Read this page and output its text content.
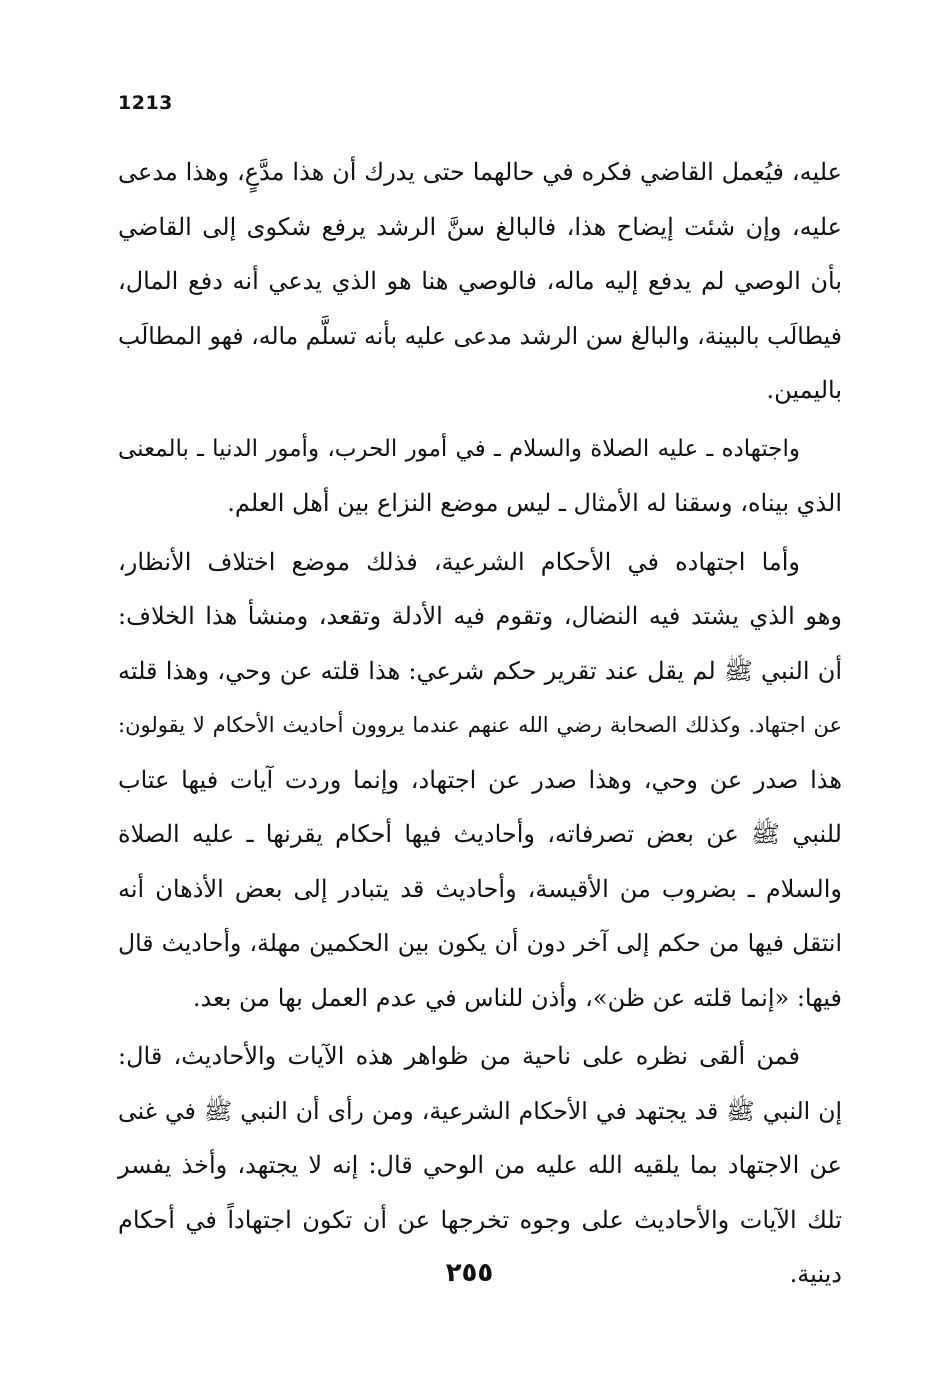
1213
عليه، فيُعمل القاضي فكره في حالهما حتى يدرك أن هذا مدَّعٍ، وهذا مدعى
عليه، وإن شئت إيضاح هذا، فالبالغ سنَّ الرشد يرفع شكوى إلى القاضي
بأن الوصي لم يدفع إليه ماله، فالوصي هنا هو الذي يدعي أنه دفع المال،
فيطالَب بالبينة، والبالغ سن الرشد مدعى عليه بأنه تسلَّم ماله، فهو المطالَب
باليمين.
واجتهاده ـ عليه الصلاة والسلام ـ في أمور الحرب، وأمور الدنيا ـ بالمعنى
الذي بيناه، وسقنا له الأمثال ـ ليس موضع النزاع بين أهل العلم.
وأما اجتهاده في الأحكام الشرعية، فذلك موضع اختلاف الأنظار،
وهو الذي يشتد فيه النضال، وتقوم فيه الأدلة وتقعد، ومنشأ هذا الخلاف:
أن النبي ﷺ لم يقل عند تقرير حكم شرعي: هذا قلته عن وحي، وهذا قلته
عن اجتهاد. وكذلك الصحابة رضي الله عنهم عندما يروون أحاديث الأحكام لا يقولون:
هذا صدر عن وحي، وهذا صدر عن اجتهاد، وإنما وردت آيات فيها عتاب
للنبي ﷺ عن بعض تصرفاته، وأحاديث فيها أحكام يقرنها ـ عليه الصلاة
والسلام ـ بضروب من الأقيسة، وأحاديث قد يتبادر إلى بعض الأذهان أنه
انتقل فيها من حكم إلى آخر دون أن يكون بين الحكمين مهلة، وأحاديث قال
فيها: «إنما قلته عن ظن»، وأذن للناس في عدم العمل بها من بعد.
فمن ألقى نظره على ناحية من ظواهر هذه الآيات والأحاديث، قال:
إن النبي ﷺ قد يجتهد في الأحكام الشرعية، ومن رأى أن النبي ﷺ في غنى
عن الاجتهاد بما يلقيه الله عليه من الوحي قال: إنه لا يجتهد، وأخذ يفسر
تلك الآيات والأحاديث على وجوه تخرجها عن أن تكون اجتهاداً في أحكام
دينية.
٢٥٥
